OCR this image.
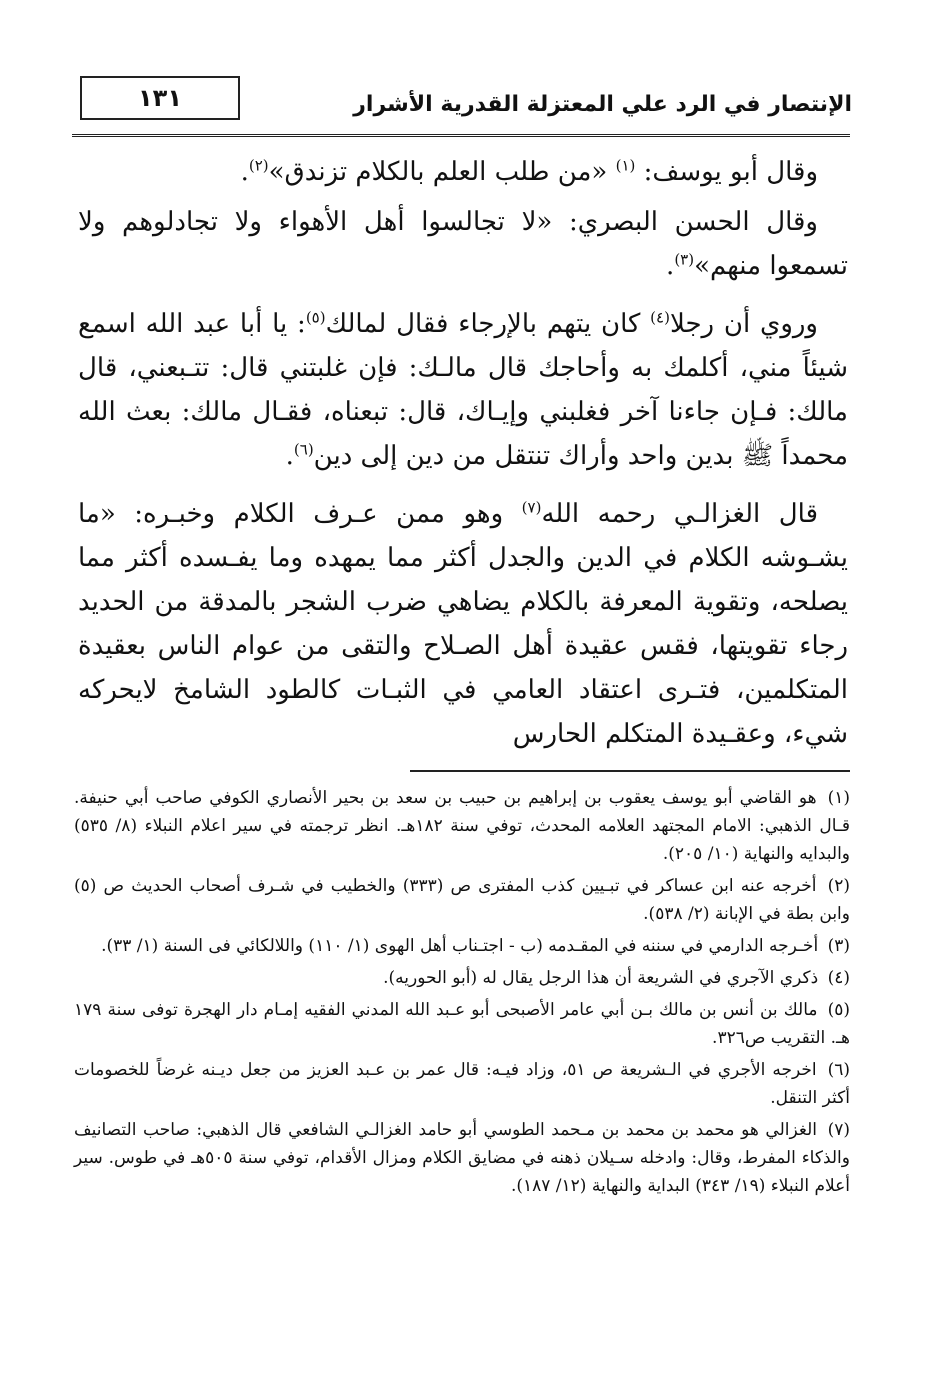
الإنتصار في الرد علي المعتزلة القدرية الأشرار
١٣١

وقال أبو يوسف: $^{(١)}$ «من طلب العلم بالكلام تزندق»$^{(٢)}$.

وقال الحسن البصري: «لا تجالسوا أهل الأهواء ولا تجادلوهم ولا تسمعوا منهم»$^{(٣)}$.

وروي أن رجلا$^{(٤)}$ كان يتهم بالإرجاء فقال لمالك$^{(٥)}$: يا أبا عبد الله اسمع شيئاً مني، أكلمك به وأحاجك قال مالـك: فإن غلبتني قال: تتـبعني، قال مالك: فـإن جاءنا آخر فغلبني وإيـاك، قال: تبعناه، فقـال مالك: بعث الله محمداً ﷺ بدين واحد وأراك تنتقل من دين إلى دين$^{(٦)}$.

قال الغزالـي رحمه الله$^{(٧)}$ وهو ممن عـرف الكلام وخبـره: «ما يشـوشه الكلام في الدين والجدل أكثر مما يمهده وما يفـسده أكثر مما يصلحه، وتقوية المعرفة بالكلام يضاهي ضرب الشجر بالمدقة من الحديد رجاء تقويتها، فقس عقيدة أهل الصـلاح والتقى من عوام الناس بعقيدة المتكلمين، فتـرى اعتقاد العامي في الثبـات كالطود الشامخ لايحركه شيء، وعقـيدة المتكلم الحارس

(١) هو القاضي أبو يوسف يعقوب بن إبراهيم بن حبيب بن سعد بن بحير الأنصاري الكوفي صاحب أبي حنيفة. قـال الذهبي: الامام المجتهد العلامه المحدث، توفي سنة ١٨٢هـ. انظر ترجمته في سير اعلام النبلاء (٨/ ٥٣٥) والبدايه والنهاية (١٠/ ٢٠٥).
(٢) أخرجه عنه ابن عساكر في تبـيين كذب المفترى ص (٣٣٣) والخطيب في شـرف أصحاب الحديث ص (٥) وابن بطة في الإبانة (٢/ ٥٣٨).
(٣) أخـرجه الدارمي في سننه في المقـدمه (ب - اجتـناب أهل الهوى (١/ ١١٠) واللالكائي فى السنة (١/ ٣٣).
(٤) ذكري الآجري في الشريعة أن هذا الرجل يقال له (أبو الحوريه).
(٥) مالك بن أنس بن مالك بـن أبي عامر الأصبحى أبو عـبد الله المدني الفقيه إمـام دار الهجرة توفى سنة ١٧٩ هـ. التقريب ص٣٢٦.
(٦) اخرجه الأجري في الـشريعة ص ٥١، وزاد فيـه: قال عمر بن عـبد العزيز من جعل ديـنه غرضاً للخصومات أكثر التنقل.
(٧) الغزالي هو محمد بن محمد بن مـحمد الطوسي أبو حامد الغزالـي الشافعي قال الذهبي: صاحب التصانيف والذكاء المفرط، وقال: وادخله سـيلان ذهنه في مضايق الكلام ومزال الأقدام، توفي سنة ٥٠٥هـ في طوس. سير أعلام النبلاء (١٩/ ٣٤٣) البداية والنهاية (١٢/ ١٨٧).
